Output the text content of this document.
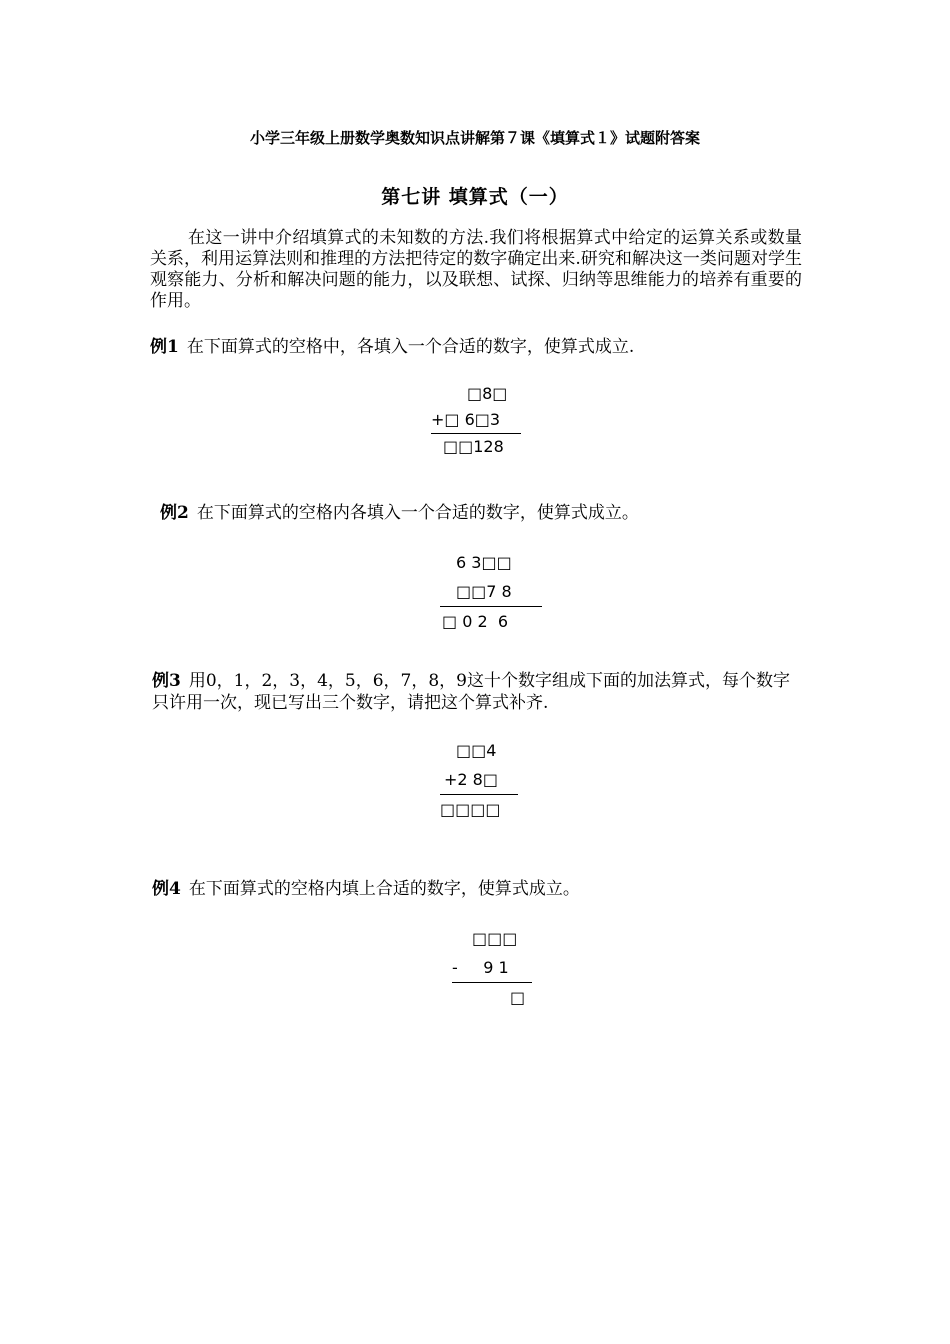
小学三年级上册数学奥数知识点讲解第７课《填算式１》试题附答案
第七讲 填算式（一）
在这一讲中介绍填算式的未知数的方法.我们将根据算式中给定的运算关系或数量关系，利用运算法则和推理的方法把待定的数字确定出来.研究和解决这一类问题对学生观察能力、分析和解决问题的能力，以及联想、试探、归纳等思维能力的培养有重要的作用。
例1 在下面算式的空格中，各填入一个合适的数字，使算式成立.
□8□
+□ 6□3
□□128
例2 在下面算式的空格内各填入一个合适的数字，使算式成立。
6 3□□
□□7 8
□ 0 2  6
例3 用0，1，2，3，4，5，6，7，8，9这十个数字组成下面的加法算式，每个数字只许用一次，现已写出三个数字，请把这个算式补齐.
□□4
+2 8□
□□□□
例4 在下面算式的空格内填上合适的数字，使算式成立。
□□□
-     9 1
□
